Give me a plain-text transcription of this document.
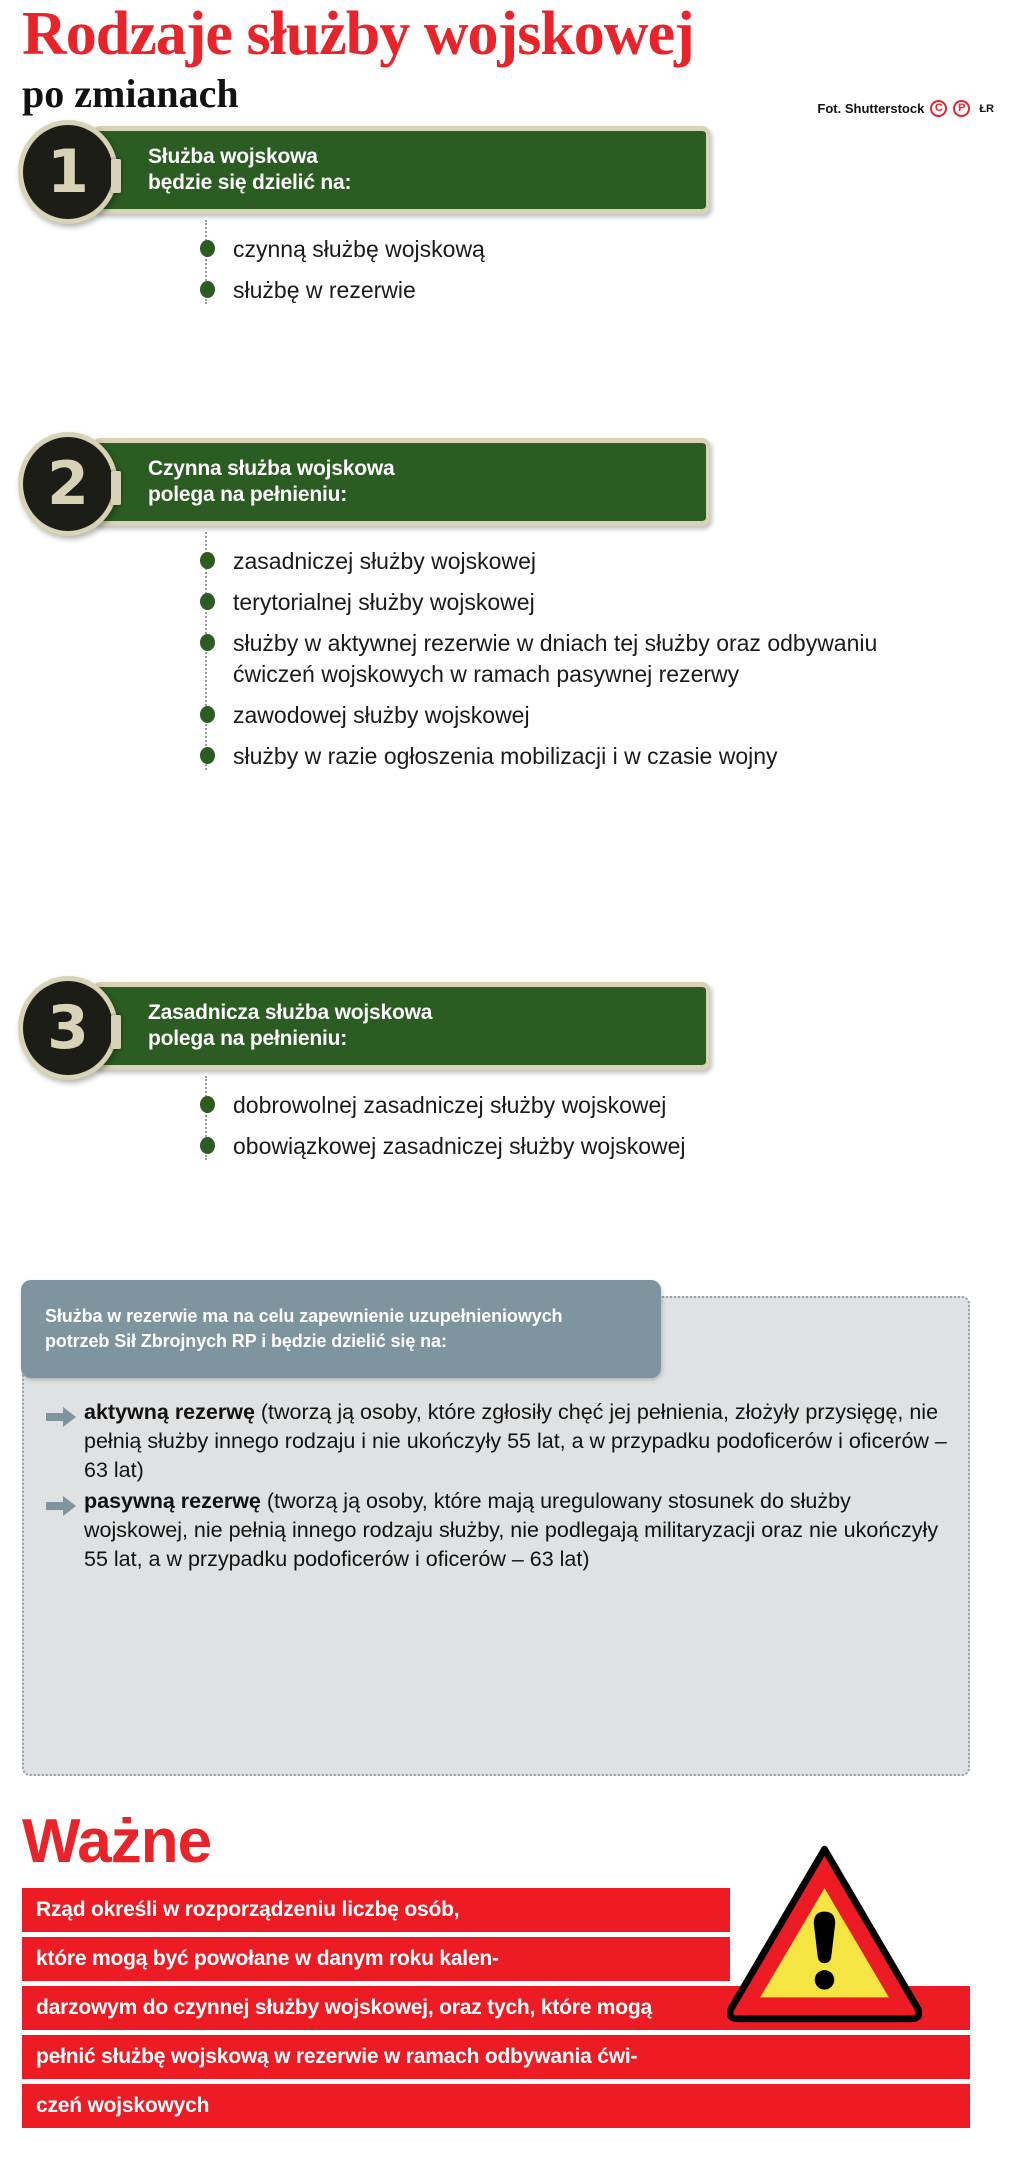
Rodzaje służby wojskowej
po zmianach	Fot. Shutterstock C	P	ŁR
1	Służba wojskowa
będzie się dzielić na:
czynną służbę wojskową
służbę w rezerwie
2	Czynna służba wojskowa
polega na pełnieniu:
zasadniczej służby wojskowej
terytorialnej służby wojskowej
służby w aktywnej rezerwie w dniach tej służby oraz odbywaniu ćwiczeń wojskowych w ramach pasywnej rezerwy
zawodowej służby wojskowej
służby w razie ogłoszenia mobilizacji i w czasie wojny
3	Zasadnicza służba wojskowa
polega na pełnieniu:
dobrowolnej zasadniczej służby wojskowej
obowiązkowej zasadniczej służby wojskowej
Służba w rezerwie ma na celu zapewnienie uzupełnieniowych
potrzeb Sił Zbrojnych RP i będzie dzielić się na:
aktywną rezerwę (tworzą ją osoby, które zgłosiły chęć jej pełnienia, złożyły przysięgę, nie pełnią służby innego rodzaju i nie ukończyły 55 lat, a w przypadku podoficerów i oficerów – 63 lat)
pasywną rezerwę (tworzą ją osoby, które mają uregulowany stosunek do służby wojskowej, nie pełnią innego rodzaju służby, nie podlegają militaryzacji oraz nie ukończyły 55 lat, a w przypadku podoficerów i oficerów – 63 lat)
Ważne
Rząd określi w rozporządzeniu liczbę osób,
które mogą być powołane w danym roku kalen-
darzowym do czynnej służby wojskowej, oraz tych, które mogą
pełnić służbę wojskową w rezerwie w ramach odbywania ćwi-
czeń wojskowych
